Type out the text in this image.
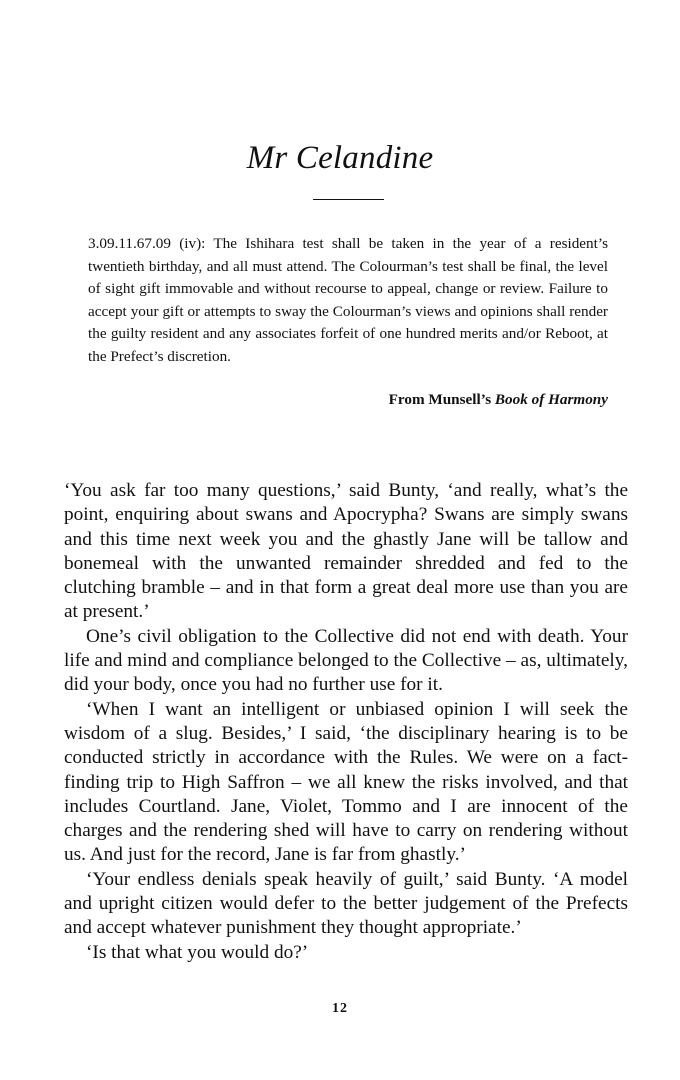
Mr Celandine

3.09.11.67.09 (iv): The Ishihara test shall be taken in the year of a resident’s twentieth birthday, and all must attend. The Colourman’s test shall be final, the level of sight gift immovable and without recourse to appeal, change or review. Failure to accept your gift or attempts to sway the Colourman’s views and opinions shall render the guilty resident and any associates forfeit of one hundred merits and/or Reboot, at the Prefect’s discretion.

From Munsell’s Book of Harmony

‘You ask far too many questions,’ said Bunty, ‘and really, what’s the point, enquiring about swans and Apocrypha? Swans are simply swans and this time next week you and the ghastly Jane will be tallow and bonemeal with the unwanted remainder shredded and fed to the clutching bramble – and in that form a great deal more use than you are at present.’

One’s civil obligation to the Collective did not end with death. Your life and mind and compliance belonged to the Collective – as, ultimately, did your body, once you had no further use for it.

‘When I want an intelligent or unbiased opinion I will seek the wisdom of a slug. Besides,’ I said, ‘the disciplinary hearing is to be conducted strictly in accordance with the Rules. We were on a fact-finding trip to High Saffron – we all knew the risks involved, and that includes Courtland. Jane, Violet, Tommo and I are innocent of the charges and the rendering shed will have to carry on rendering without us. And just for the record, Jane is far from ghastly.’

‘Your endless denials speak heavily of guilt,’ said Bunty. ‘A model and upright citizen would defer to the better judgement of the Prefects and accept whatever punishment they thought appropriate.’

‘Is that what you would do?’

12
